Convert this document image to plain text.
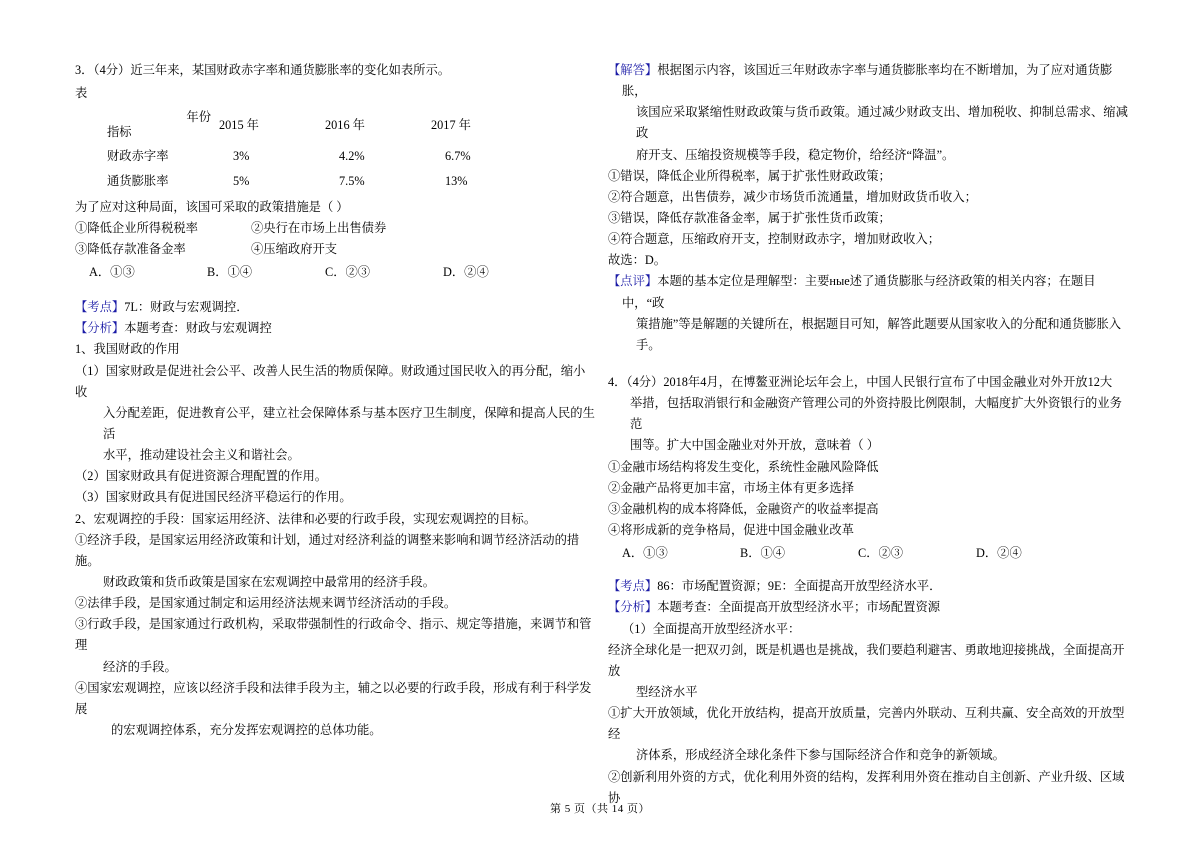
3．（4分）近三年来，某国财政赤字率和通货膨胀率的变化如表所示。

表

年份
指标	2015 年	2016 年	2017 年
财政赤字率	3%	4.2%	6.7%
通货膨胀率	5%	7.5%	13%

为了应对这种局面，该国可采取的政策措施是（ ）

①降低企业所得税税率	②央行在市场上出售债券
③降低存款准备金率	④压缩政府开支
A．①③	B．①④	C．②③	D．②④

【考点】7L：财政与宏观调控．

【分析】本题考查：财政与宏观调控

1、我国财政的作用

（1）国家财政是促进社会公平、改善人民生活的物质保障。财政通过国民收入的再分配，缩小收

入分配差距，促进教育公平，建立社会保障体系与基本医疗卫生制度，保障和提高人民的生活

水平，推动建设社会主义和谐社会。

（2）国家财政具有促进资源合理配置的作用。

（3）国家财政具有促进国民经济平稳运行的作用。

2、宏观调控的手段：国家运用经济、法律和必要的行政手段，实现宏观调控的目标。

①经济手段，是国家运用经济政策和计划，通过对经济利益的调整来影响和调节经济活动的措施。

财政政策和货币政策是国家在宏观调控中最常用的经济手段。

②法律手段，是国家通过制定和运用经济法规来调节经济活动的手段。

③行政手段，是国家通过行政机构，采取带强制性的行政命令、指示、规定等措施，来调节和管理

经济的手段。

④国家宏观调控，应该以经济手段和法律手段为主，辅之以必要的行政手段，形成有利于科学发展

的宏观调控体系，充分发挥宏观调控的总体功能。

【解答】根据图示内容，该国近三年财政赤字率与通货膨胀率均在不断增加，为了应对通货膨胀，

该国应采取紧缩性财政政策与货币政策。通过减少财政支出、增加税收、抑制总需求、缩减政

府开支、压缩投资规模等手段，稳定物价，给经济“降温”。

①错误，降低企业所得税率，属于扩张性财政政策；

②符合题意，出售债券，减少市场货币流通量，增加财政货币收入；

③错误，降低存款准备金率，属于扩张性货币政策；

④符合题意，压缩政府开支，控制财政赤字，增加财政收入；

故选：D。

【点评】本题的基本定位是理解型：主要ные述了通货膨胀与经济政策的相关内容；在题目中，“政

策措施”等是解题的关键所在，根据题目可知，解答此题要从国家收入的分配和通货膨胀入手。

4．（4分）2018年4月，在博鳌亚洲论坛年会上，中国人民银行宣布了中国金融业对外开放12大

举措，包括取消银行和金融资产管理公司的外资持股比例限制，大幅度扩大外资银行的业务范

围等。扩大中国金融业对外开放，意味着（ ）

①金融市场结构将发生变化，系统性金融风险降低

②金融产品将更加丰富，市场主体有更多选择

③金融机构的成本将降低，金融资产的收益率提高

④将形成新的竞争格局，促进中国金融业改革

A．①③	B．①④	C．②③	D．②④

【考点】86：市场配置资源；9E：全面提高开放型经济水平．

【分析】本题考查：全面提高开放型经济水平；市场配置资源

（1）全面提高开放型经济水平：

经济全球化是一把双刃剑，既是机遇也是挑战，我们要趋利避害、勇敢地迎接挑战，全面提高开放

型经济水平

①扩大开放领域，优化开放结构，提高开放质量，完善内外联动、互利共赢、安全高效的开放型经

济体系，形成经济全球化条件下参与国际经济合作和竞争的新领域。

②创新利用外资的方式，优化利用外资的结构，发挥利用外资在推动自主创新、产业升级、区域协

第 5 页（共 14 页）
